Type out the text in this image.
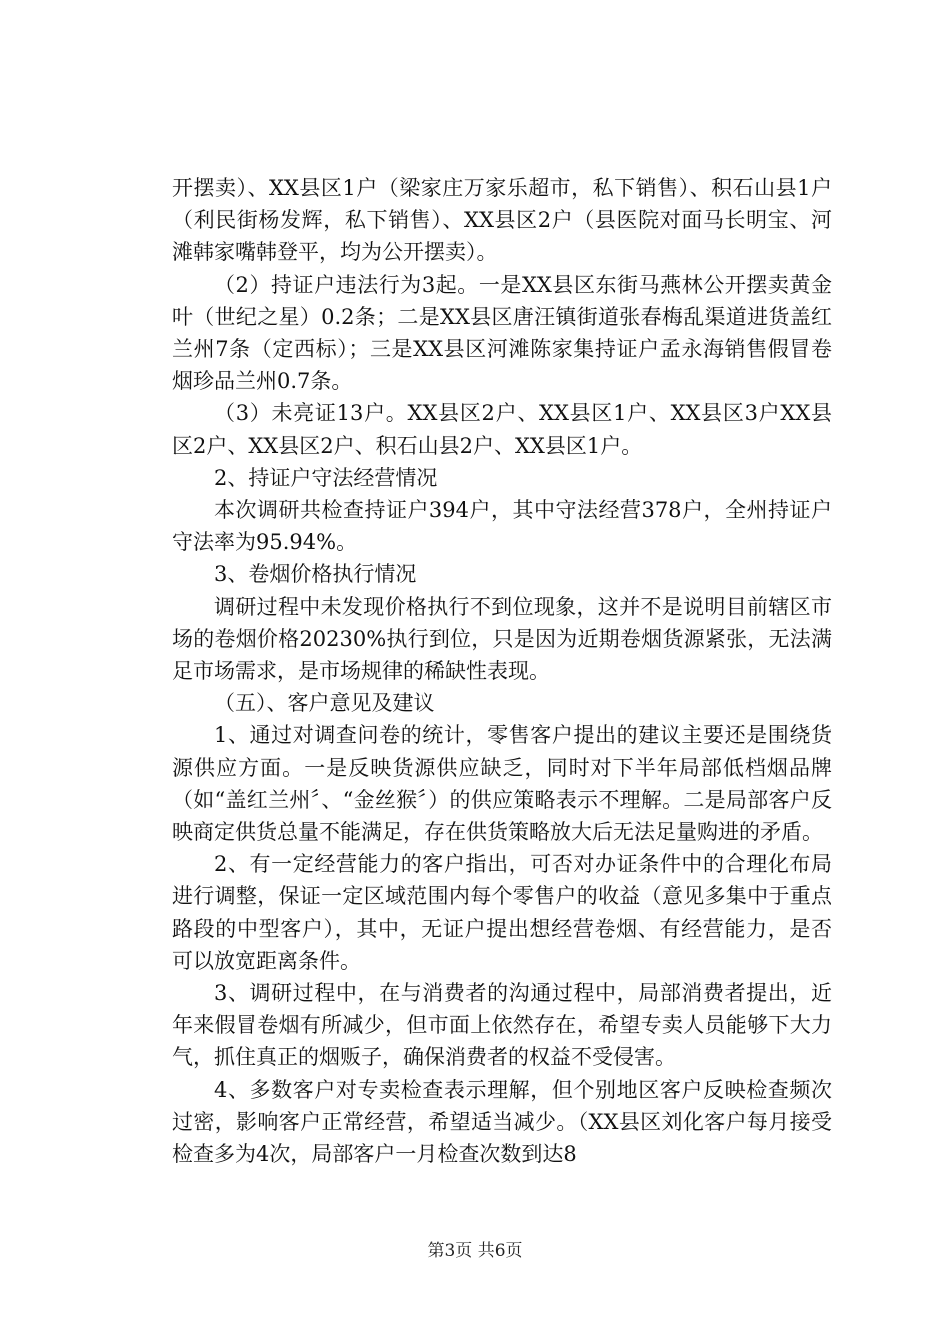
开摆卖）、XX县区1户（梁家庄万家乐超市，私下销售）、积石山县1户（利民街杨发辉，私下销售）、XX县区2户（县医院对面马长明宝、河滩韩家嘴韩登平，均为公开摆卖）。

（2）持证户违法行为3起。一是XX县区东街马燕林公开摆卖黄金叶（世纪之星）0.2条；二是XX县区唐汪镇街道张春梅乱渠道进货盖红兰州7条（定西标）；三是XX县区河滩陈家集持证户孟永海销售假冒卷烟珍品兰州0.7条。

（3）未亮证13户。XX县区2户、XX县区1户、XX县区3户XX县区2户、XX县区2户、积石山县2户、XX县区1户。

2、持证户守法经营情况

本次调研共检查持证户394户，其中守法经营378户，全州持证户守法率为95.94%。

3、卷烟价格执行情况

调研过程中未发现价格执行不到位现象，这并不是说明目前辖区市场的卷烟价格20230%执行到位，只是因为近期卷烟货源紧张，无法满足市场需求，是市场规律的稀缺性表现。

（五）、客户意见及建议

1、通过对调查问卷的统计，零售客户提出的建议主要还是围绕货源供应方面。一是反映货源供应缺乏，同时对下半年局部低档烟品牌（如“盖红兰州〞、“金丝猴〞）的供应策略表示不理解。二是局部客户反映商定供货总量不能满足，存在供货策略放大后无法足量购进的矛盾。

2、有一定经营能力的客户指出，可否对办证条件中的合理化布局进行调整，保证一定区域范围内每个零售户的收益（意见多集中于重点路段的中型客户），其中，无证户提出想经营卷烟、有经营能力，是否可以放宽距离条件。

3、调研过程中，在与消费者的沟通过程中，局部消费者提出，近年来假冒卷烟有所减少，但市面上依然存在，希望专卖人员能够下大力气，抓住真正的烟贩子，确保消费者的权益不受侵害。

4、多数客户对专卖检查表示理解，但个别地区客户反映检查频次过密，影响客户正常经营，希望适当减少。（XX县区刘化客户每月接受检查多为4次，局部客户一月检查次数到达8

第3页 共6页
